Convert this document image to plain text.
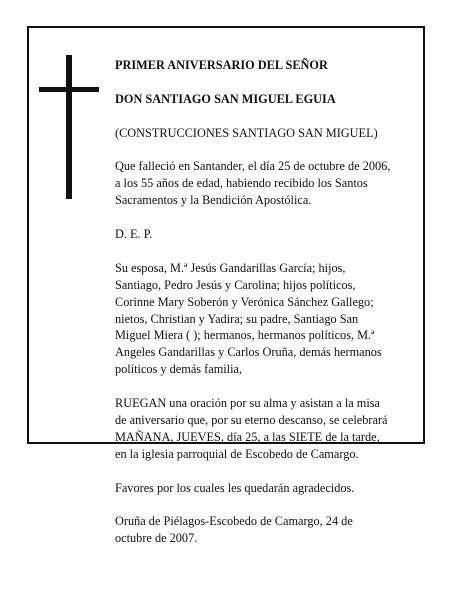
PRIMER ANIVERSARIO DEL SEÑOR

DON SANTIAGO SAN MIGUEL EGUIA

(CONSTRUCCIONES SANTIAGO SAN MIGUEL)

Que falleció en Santander, el día 25 de octubre de 2006,
a los 55 años de edad, habiendo recibido los Santos
Sacramentos y la Bendición Apostólica.

D. E. P.

Su esposa, M.ª Jesús Gandarillas García; hijos,
Santiago, Pedro Jesús y Carolina; hijos políticos,
Corinne Mary Soberón y Verónica Sánchez Gallego;
nietos, Christian y Yadira; su padre, Santiago San
Miguel Miera ( ); hermanos, hermanos políticos, M.ª
Angeles Gandarillas y Carlos Oruña, demás hermanos
políticos y demás familia,

RUEGAN una oración por su alma y asistan a la misa
de aniversario que, por su eterno descanso, se celebrará
MAÑANA, JUEVES, día 25, a las SIETE de la tarde,
en la iglesia parroquial de Escobedo de Camargo.

Favores por los cuales les quedarán agradecidos.

Oruña de Piélagos-Escobedo de Camargo, 24 de
octubre de 2007.
